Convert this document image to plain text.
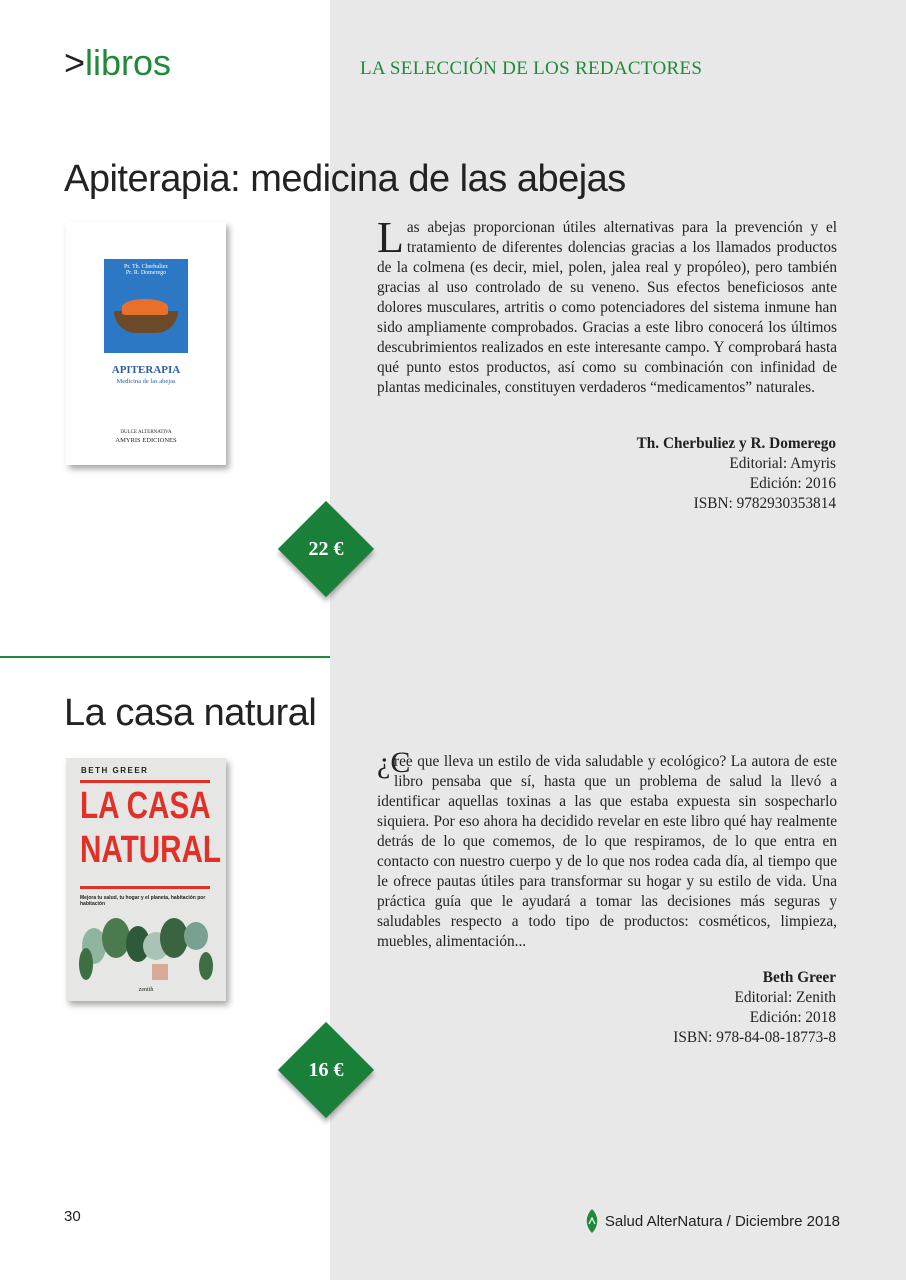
>libros	LA SELECCIÓN DE LOS REDACTORES
Apiterapia: medicina de las abejas
Pr. Th. Cherbuliez
Pr. R. Domerego
APITERAPIA
Medicina de las abejas
DULCE ALTERNATIVA
AMYRIS EDICIONES
Las abejas proporcionan útiles alternativas para la prevención y el tratamiento de diferentes dolencias gracias a los llamados productos de la colmena (es decir, miel, polen, jalea real y propóleo), pero también gracias al uso controlado de su veneno. Sus efectos beneficiosos ante dolores musculares, artritis o como potenciadores del sistema inmune han sido ampliamente comprobados. Gracias a este libro conocerá los últimos descubrimientos realizados en este interesante campo. Y comprobará hasta qué punto estos productos, así como su combinación con infinidad de plantas medicinales, constituyen verdaderos “medicamentos” naturales.
Th. Cherbuliez y R. Domerego
Editorial: Amyris
Edición: 2016
ISBN: 9782930353814
22 €
La casa natural
BETH GREER
LA CASA
NATURAL
Mejora tu salud, tu hogar y el planeta, habitación por habitación
zenith
¿C
ree que lleva un estilo de vida saludable y ecológico? La autora de este libro pensaba que sí, hasta que un problema de salud la llevó a identificar aquellas toxinas a las que estaba expuesta sin sospecharlo siquiera. Por eso ahora ha decidido revelar en este libro qué hay realmente detrás de lo que comemos, de lo que respiramos, de lo que entra en contacto con nuestro cuerpo y de lo que nos rodea cada día, al tiempo que le ofrece pautas útiles para transformar su hogar y su estilo de vida. Una práctica guía que le ayudará a tomar las decisiones más seguras y saludables respecto a todo tipo de productos: cosméticos, limpieza, muebles, alimentación...
Beth Greer
Editorial: Zenith
Edición: 2018
ISBN: 978-84-08-18773-8
16 €
30	Salud AlterNatura / Diciembre 2018
